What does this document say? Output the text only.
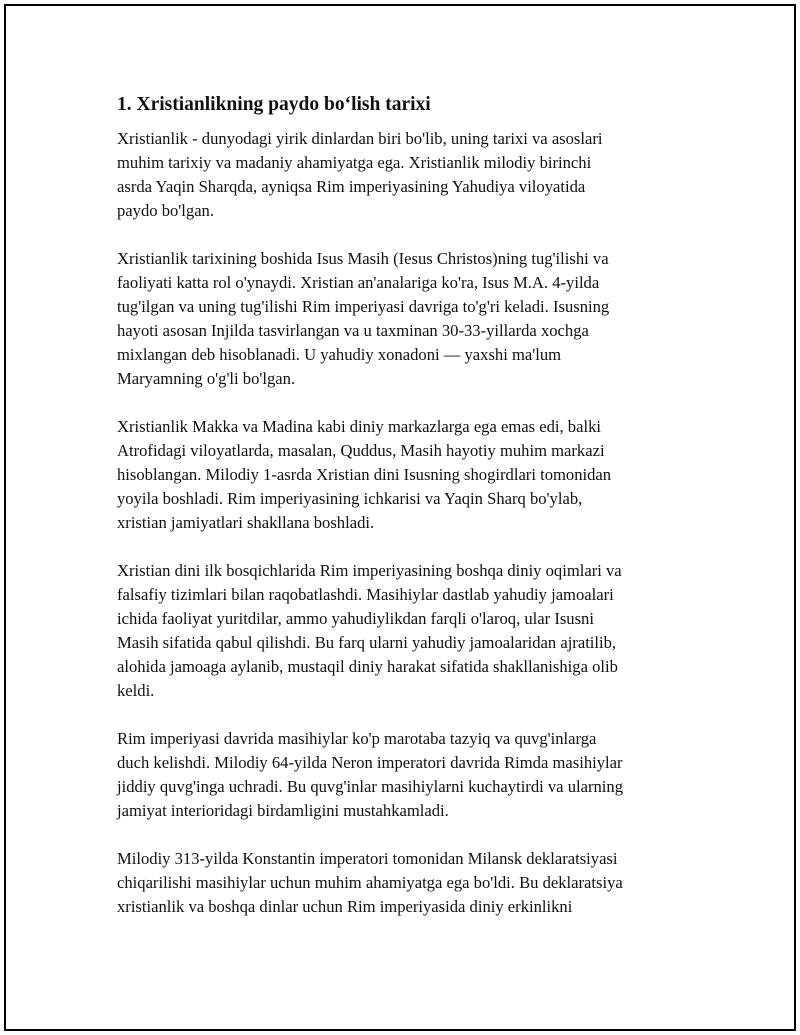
1. Xristianlikning paydo bo‘lish tarixi

Xristianlik - dunyodagi yirik dinlardan biri bo'lib, uning tarixi va asoslari
muhim tarixiy va madaniy ahamiyatga ega. Xristianlik milodiy birinchi
asrda Yaqin Sharqda, ayniqsa Rim imperiyasining Yahudiya viloyatida
paydo bo'lgan.

Xristianlik tarixining boshida Isus Masih (Iesus Christos)ning tug'ilishi va
faoliyati katta rol o'ynaydi. Xristian an'analariga ko'ra, Isus M.A. 4-yilda
tug'ilgan va uning tug'ilishi Rim imperiyasi davriga to'g'ri keladi. Isusning
hayoti asosan Injilda tasvirlangan va u taxminan 30-33-yillarda xochga
mixlangan deb hisoblanadi. U yahudiy xonadoni — yaxshi ma'lum
Maryamning o'g'li bo'lgan.

Xristianlik Makka va Madina kabi diniy markazlarga ega emas edi, balki
Atrofidagi viloyatlarda, masalan, Quddus, Masih hayotiy muhim markazi
hisoblangan. Milodiy 1-asrda Xristian dini Isusning shogirdlari tomonidan
yoyila boshladi. Rim imperiyasining ichkarisi va Yaqin Sharq bo'ylab,
xristian jamiyatlari shakllana boshladi.

Xristian dini ilk bosqichlarida Rim imperiyasining boshqa diniy oqimlari va
falsafiy tizimlari bilan raqobatlashdi. Masihiylar dastlab yahudiy jamoalari
ichida faoliyat yuritdilar, ammo yahudiylikdan farqli o'laroq, ular Isusni
Masih sifatida qabul qilishdi. Bu farq ularni yahudiy jamoalaridan ajratilib,
alohida jamoaga aylanib, mustaqil diniy harakat sifatida shakllanishiga olib
keldi.

Rim imperiyasi davrida masihiylar ko'p marotaba tazyiq va quvg'inlarga
duch kelishdi. Milodiy 64-yilda Neron imperatori davrida Rimda masihiylar
jiddiy quvg'inga uchradi. Bu quvg'inlar masihiylarni kuchaytirdi va ularning
jamiyat interioridagi birdamligini mustahkamladi.

Milodiy 313-yilda Konstantin imperatori tomonidan Milansk deklaratsiyasi
chiqarilishi masihiylar uchun muhim ahamiyatga ega bo'ldi. Bu deklaratsiya
xristianlik va boshqa dinlar uchun Rim imperiyasida diniy erkinlikni
